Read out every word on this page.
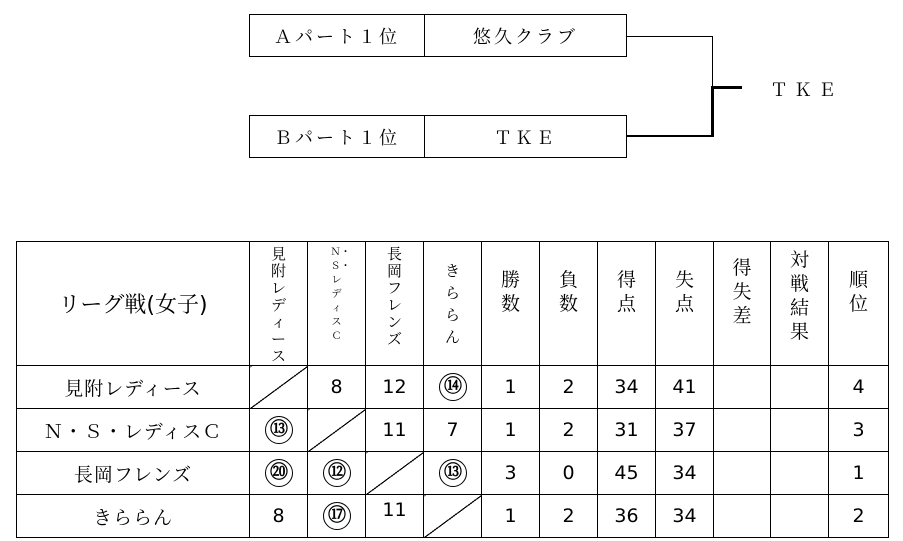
Ａパート１位	悠久クラブ
Ｂパート１位	ＴＫＥ
ＴＫＥ
リーグ戦(女子)	見附レディース	Ｎ・Ｓ・レディスＣ	長岡フレンズ	きららん	勝数	負数	得点	失点	得失差	対戦結果	順位
見附レディース		8	12	⑭	1	2	34	41			4
Ｎ・Ｓ・レディスＣ	⑬		11	7	1	2	31	37			3
長岡フレンズ	⑳	⑫		⑬	3	0	45	34			1
きららん	8	⑰	11		1	2	36	34			2
